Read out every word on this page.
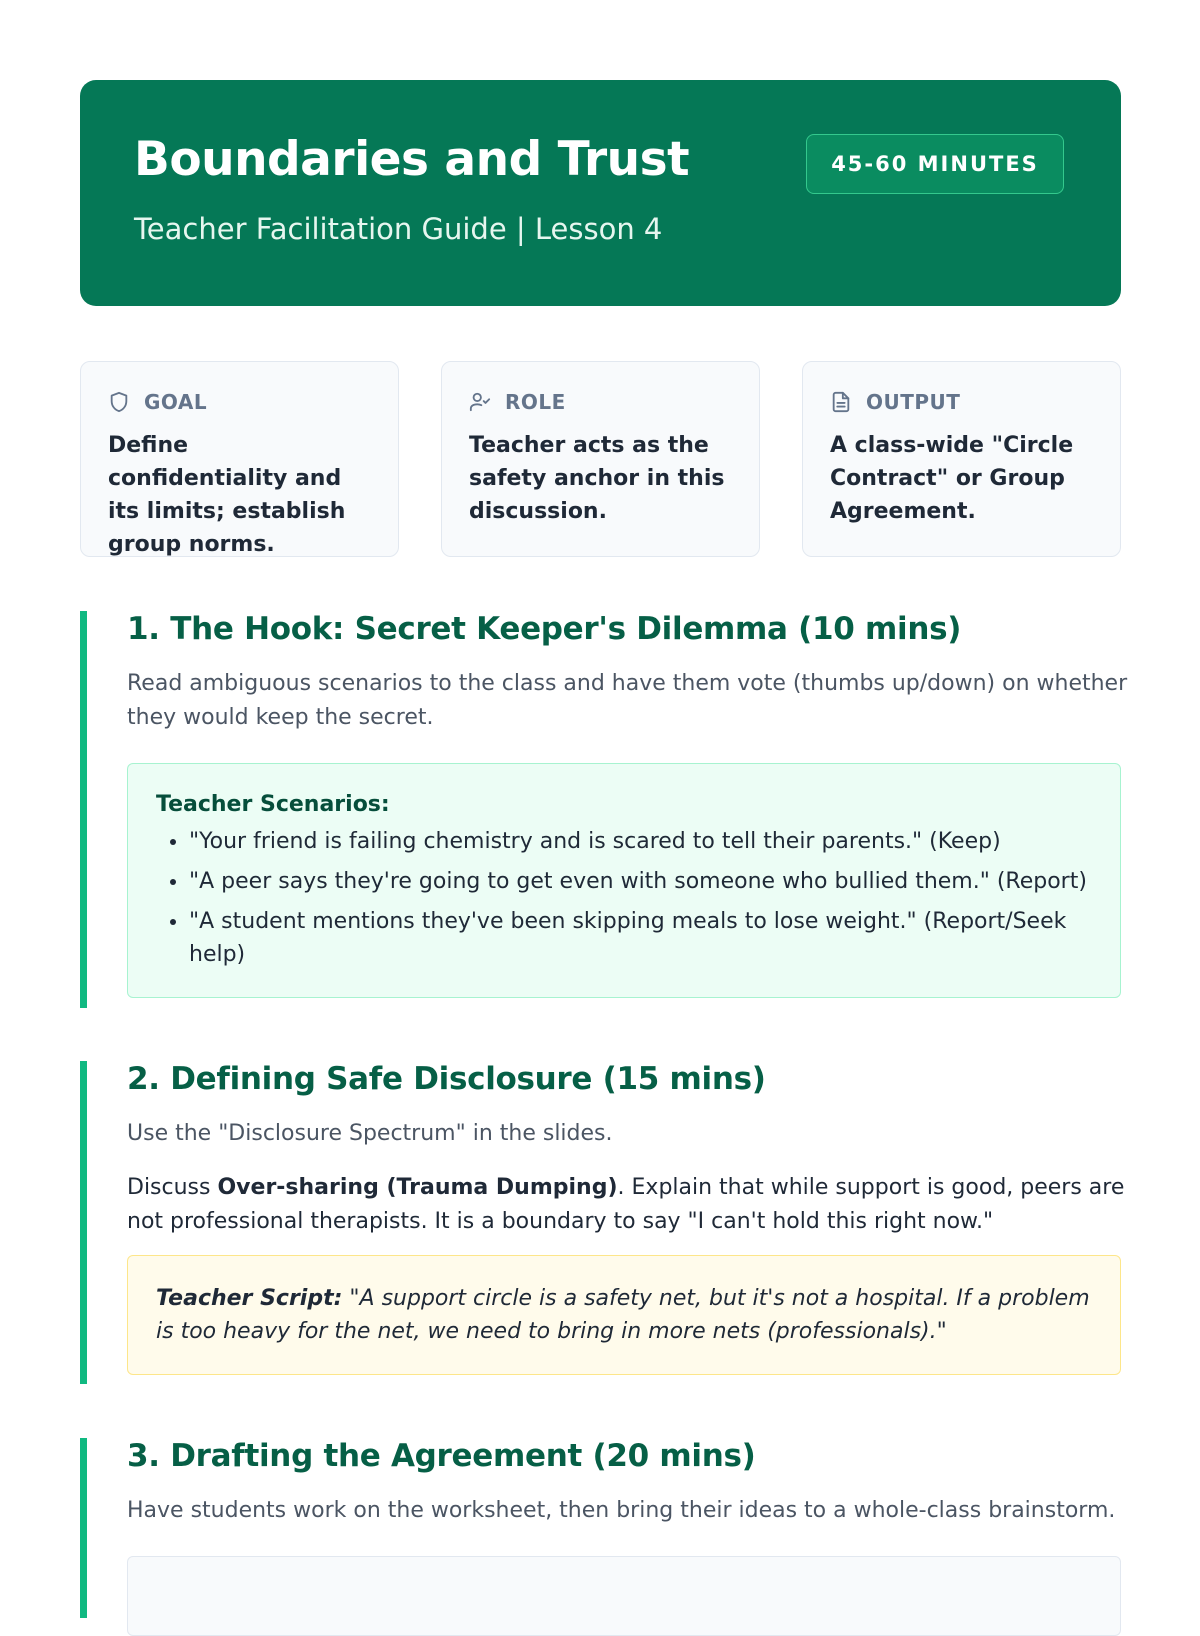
Boundaries and Trust

Teacher Facilitation Guide | Lesson 4

45-60 MINUTES
GOAL
Define confidentiality and its limits; establish group norms.
ROLE
Teacher acts as the safety anchor in this discussion.
OUTPUT
A class-wide "Circle Contract" or Group Agreement.
1. The Hook: Secret Keeper's Dilemma (10 mins)

Read ambiguous scenarios to the class and have them vote (thumbs up/down) on whether they would keep the secret.

Teacher Scenarios:
• "Your friend is failing chemistry and is scared to tell their parents." (Keep)
• "A peer says they're going to get even with someone who bullied them." (Report)
• "A student mentions they've been skipping meals to lose weight." (Report/Seek help)
2. Defining Safe Disclosure (15 mins)

Use the "Disclosure Spectrum" in the slides.

Discuss Over-sharing (Trauma Dumping). Explain that while support is good, peers are not professional therapists. It is a boundary to say "I can't hold this right now."

Teacher Script: "A support circle is a safety net, but it's not a hospital. If a problem is too heavy for the net, we need to bring in more nets (professionals)."
3. Drafting the Agreement (20 mins)

Have students work on the worksheet, then bring their ideas to a whole-class brainstorm.
